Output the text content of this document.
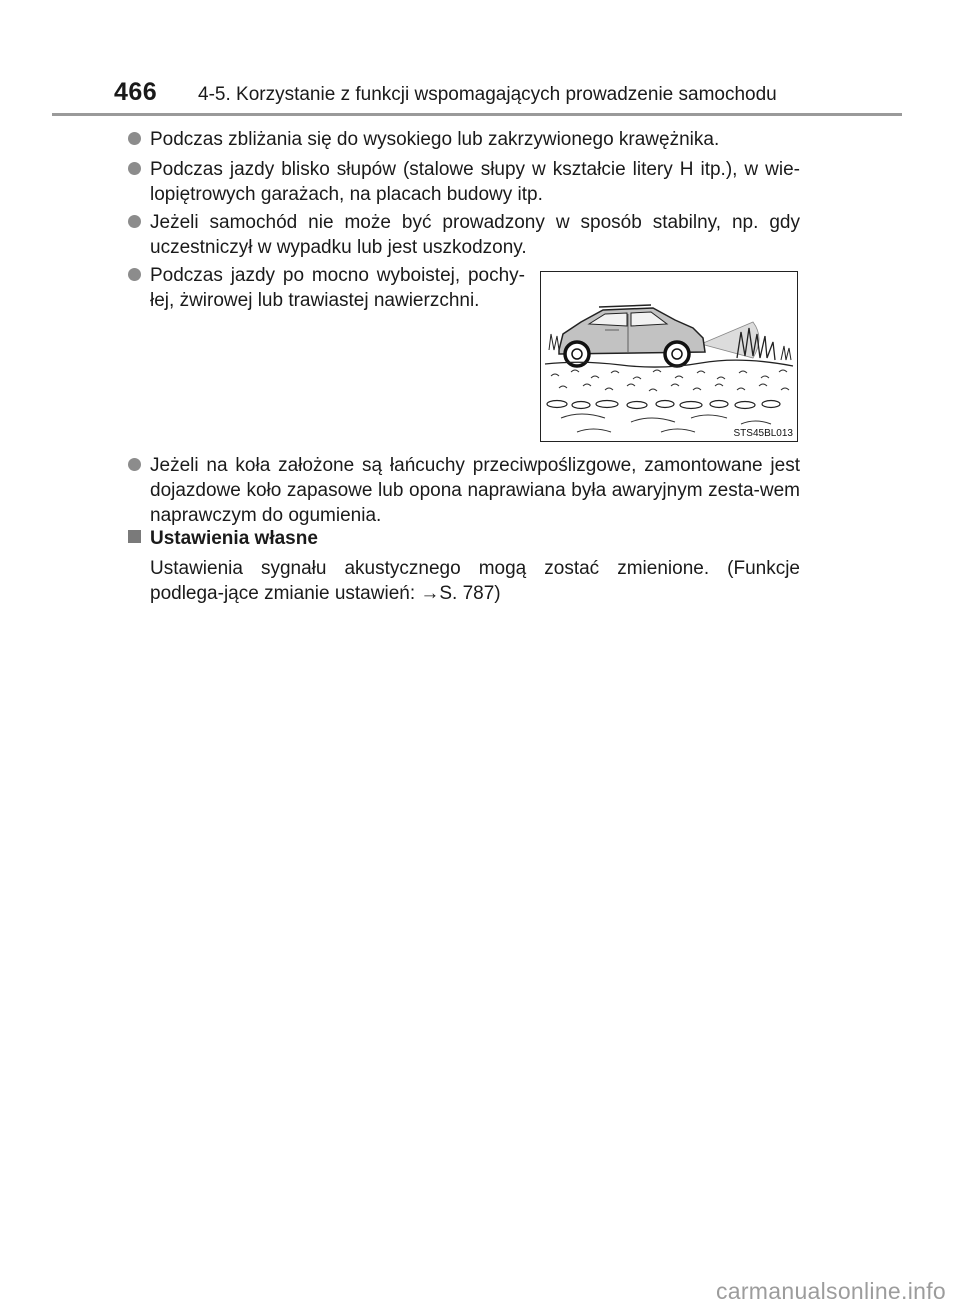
466 4-5. Korzystanie z funkcji wspomagających prowadzenie samochodu
Podczas zbliżania się do wysokiego lub zakrzywionego krawężnika.
Podczas jazdy blisko słupów (stalowe słupy w kształcie litery H itp.), w wie-lopiętrowych garażach, na placach budowy itp.
Jeżeli samochód nie może być prowadzony w sposób stabilny, np. gdy uczestniczył w wypadku lub jest uszkodzony.
Podczas jazdy po mocno wyboistej, pochy-łej, żwirowej lub trawiastej nawierzchni.
STS45BL013
Jeżeli na koła założone są łańcuchy przeciwpoślizgowe, zamontowane jest dojazdowe koło zapasowe lub opona naprawiana była awaryjnym zesta-wem naprawczym do ogumienia.
Ustawienia własne
Ustawienia sygnału akustycznego mogą zostać zmienione. (Funkcje podlega-jące zmianie ustawień: →S. 787)
carmanualsonline.info
